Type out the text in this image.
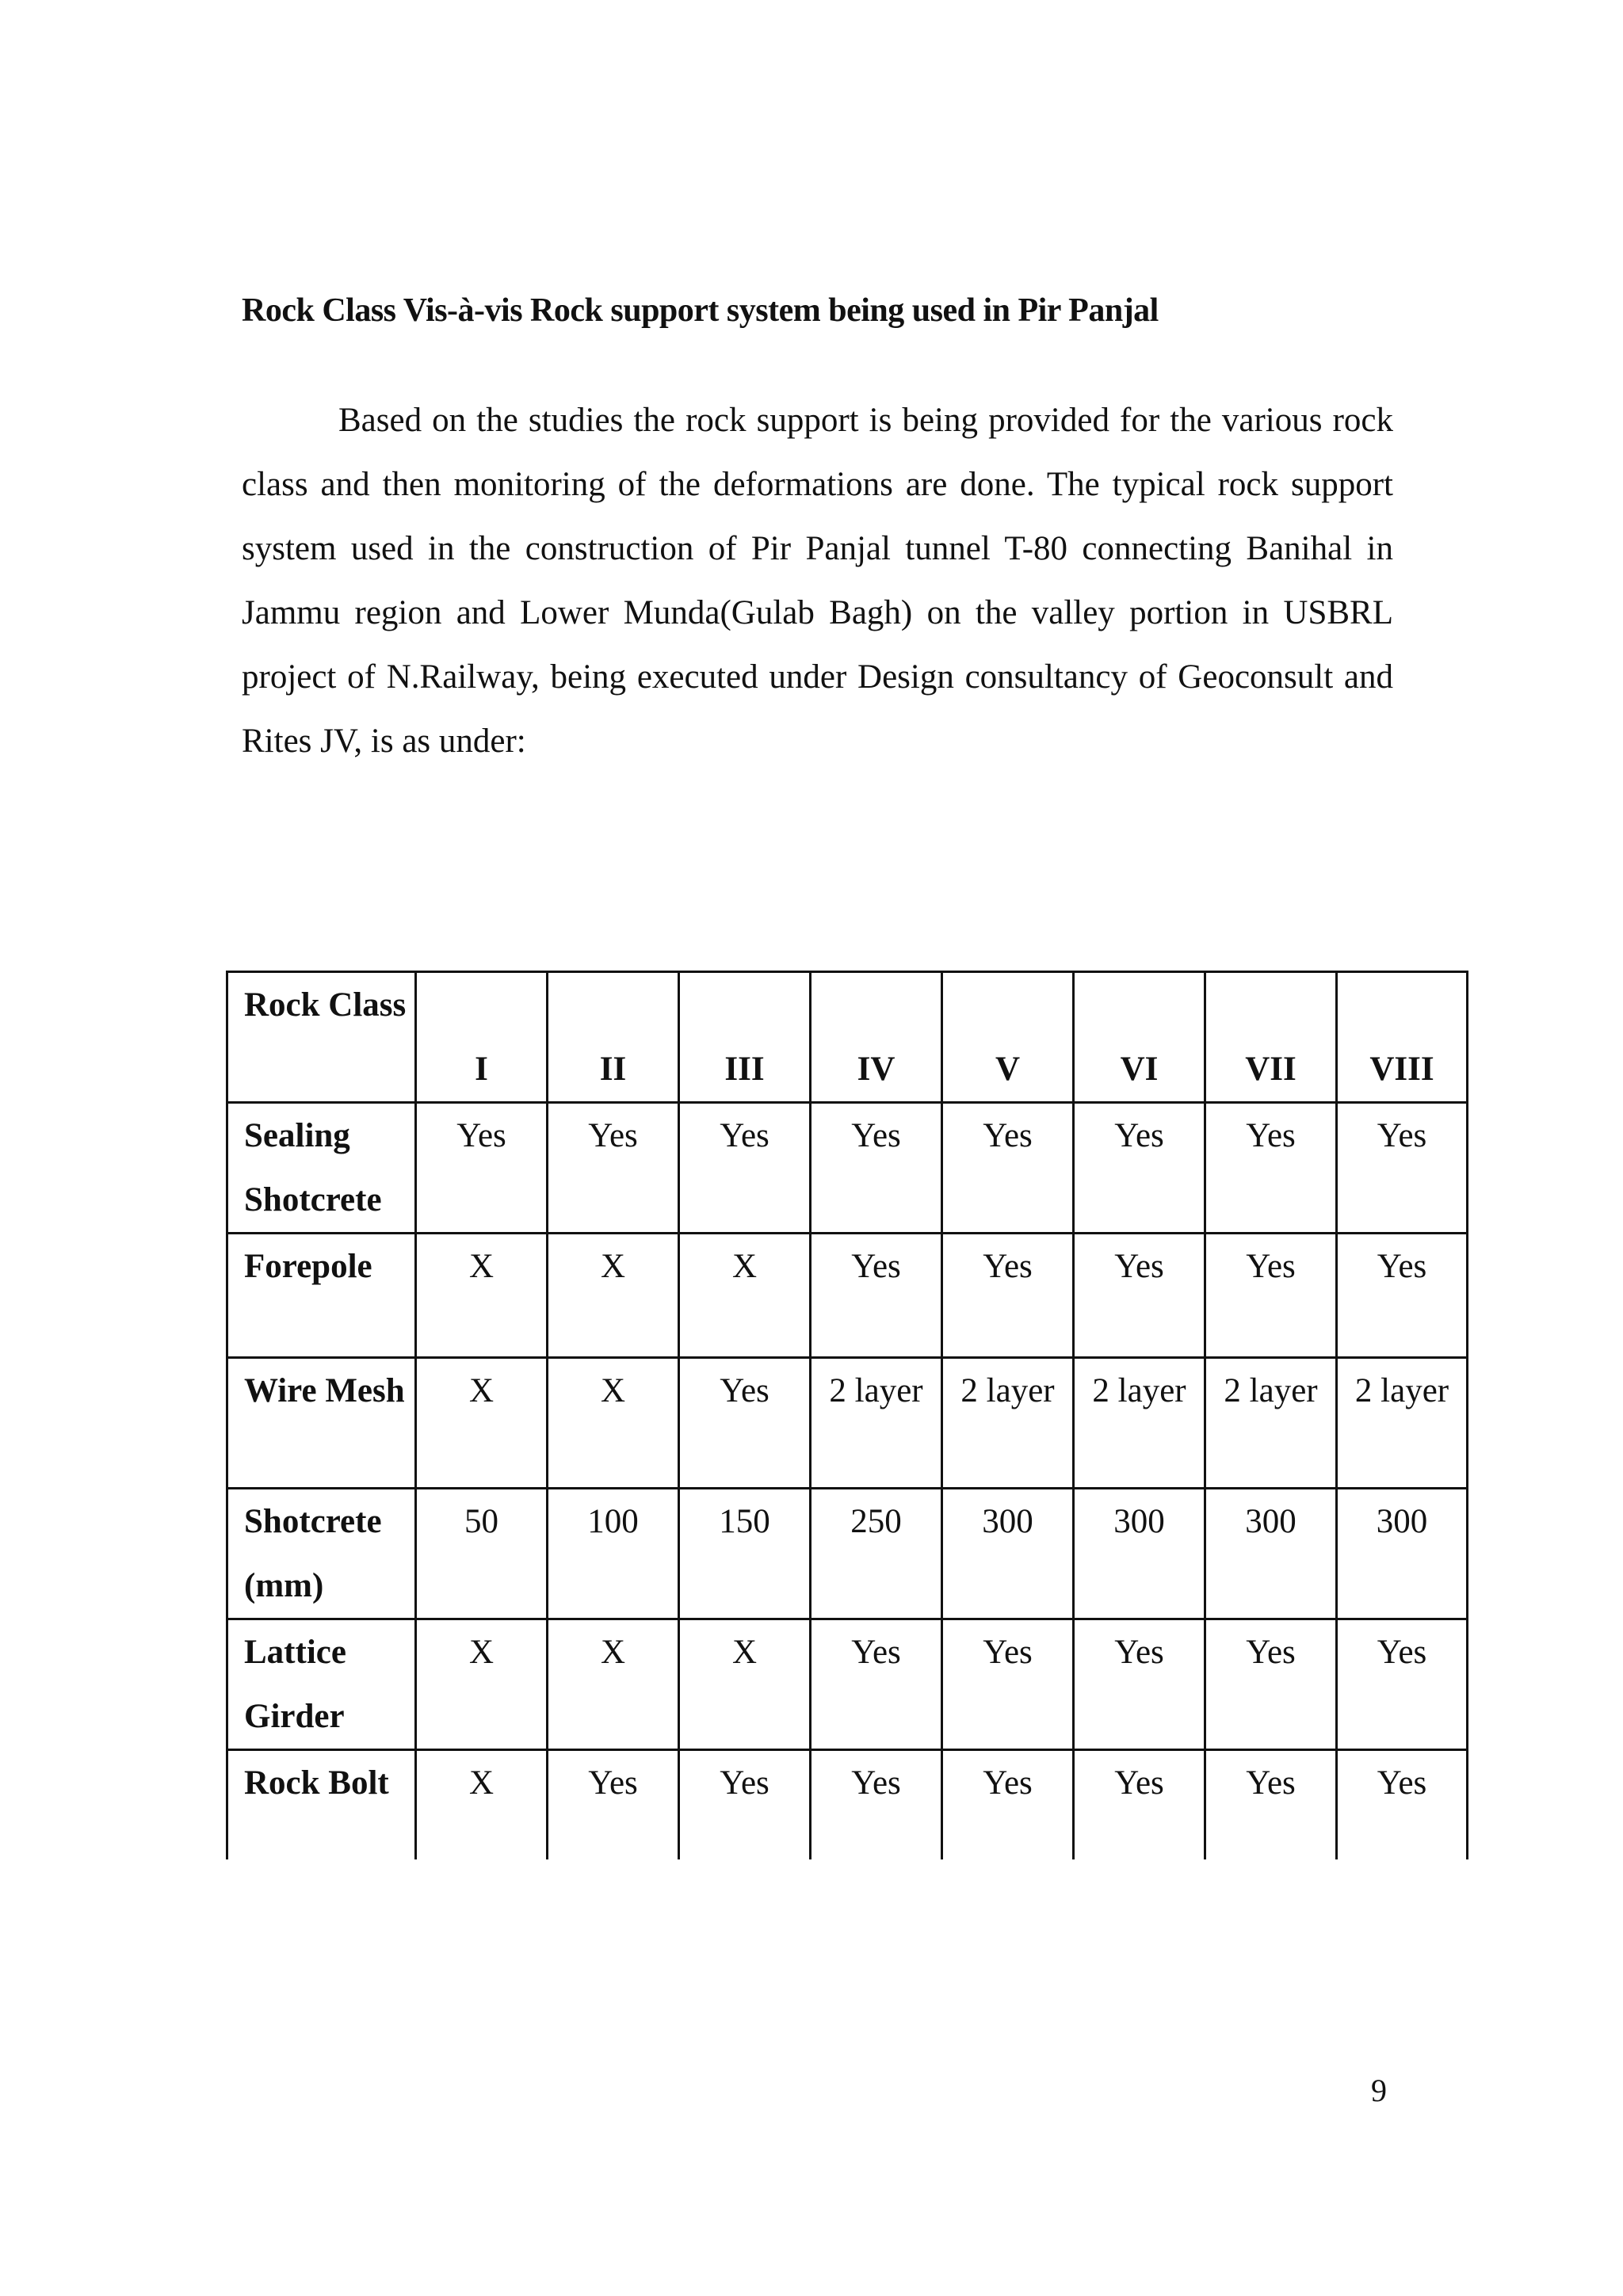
Rock Class Vis-à-vis Rock support system being used in Pir Panjal
Based on the studies the rock support is being provided for the various rock class and then monitoring of the deformations are done. The typical rock support system used in the construction of Pir Panjal tunnel T-80 connecting Banihal in Jammu region and Lower Munda(Gulab Bagh) on the valley portion in USBRL project of N.Railway, being executed under Design consultancy of Geoconsult and Rites JV, is as under:
Rock Class	I	II	III	IV	V	VI	VII	VIII
Sealing Shotcrete	Yes	Yes	Yes	Yes	Yes	Yes	Yes	Yes
Forepole	X	X	X	Yes	Yes	Yes	Yes	Yes
Wire Mesh	X	X	Yes	2 layer	2 layer	2 layer	2 layer	2 layer
Shotcrete (mm)	50	100	150	250	300	300	300	300
Lattice Girder	X	X	X	Yes	Yes	Yes	Yes	Yes
Rock Bolt	X	Yes	Yes	Yes	Yes	Yes	Yes	Yes
9
